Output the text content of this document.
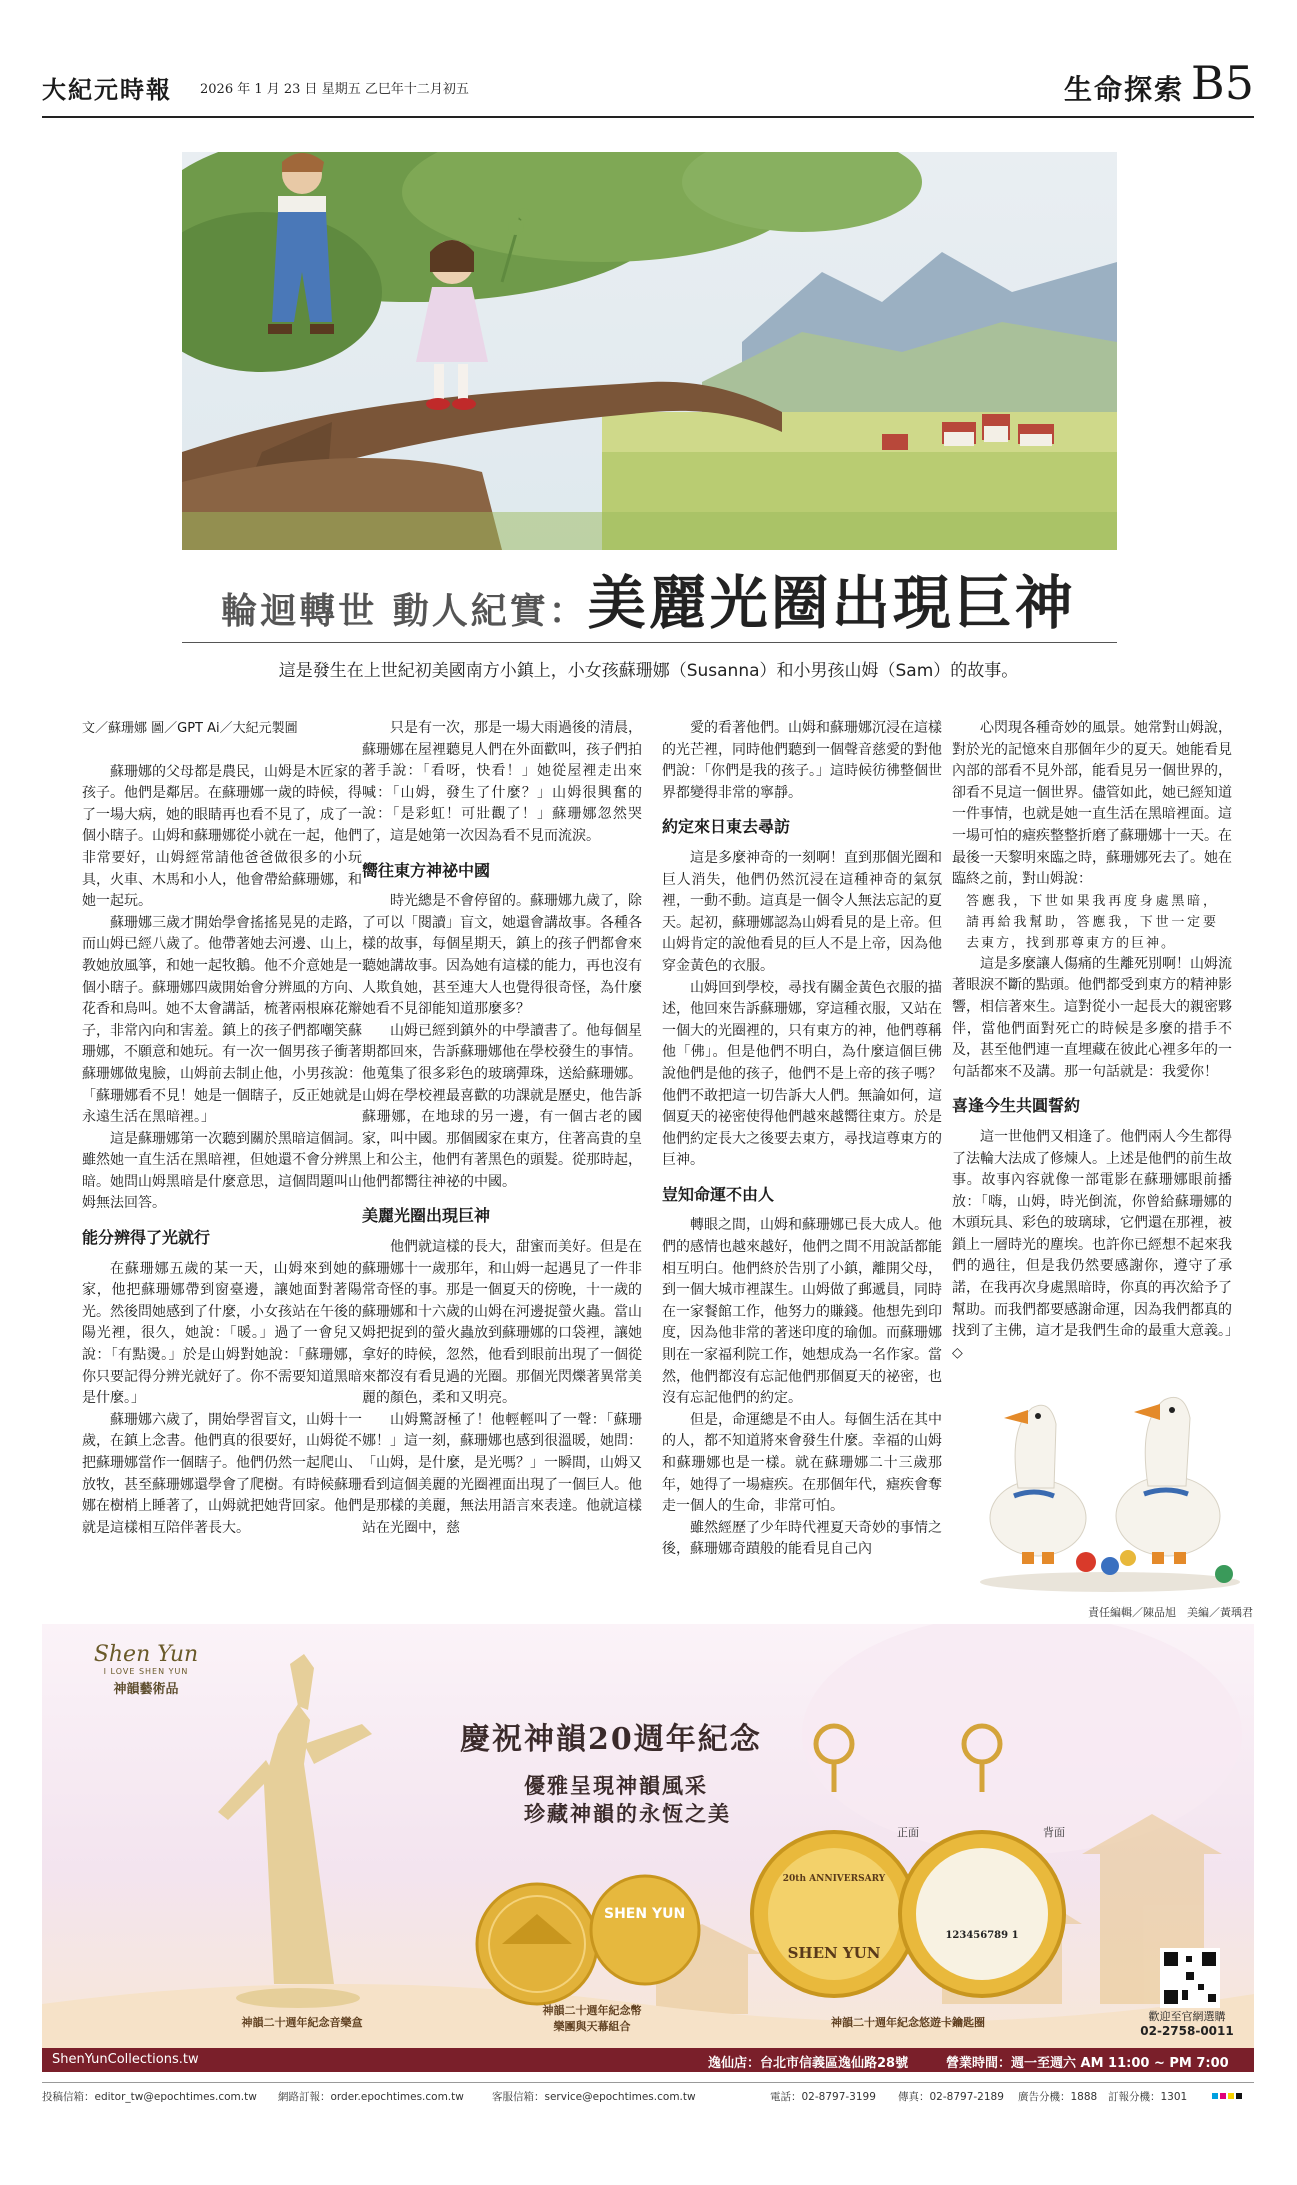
大紀元時報 2026 年 1 月 23 日 星期五 乙巳年十二月初五	生命探索 B5
輪迴轉世 動人紀實：美麗光圈出現巨神
這是發生在上世紀初美國南方小鎮上，小女孩蘇珊娜（Susanna）和小男孩山姆（Sam）的故事。

文／蘇珊娜 圖／GPT Ai／大紀元製圖

蘇珊娜的父母都是農民，山姆是木匠家的孩子。他們是鄰居。在蘇珊娜一歲的時候，得了一場大病，她的眼睛再也看不見了，成了一個小瞎子。山姆和蘇珊娜從小就在一起，他們非常要好，山姆經常請他爸爸做很多的小玩具，火車、木馬和小人，他會帶給蘇珊娜，和她一起玩。

蘇珊娜三歲才開始學會搖搖晃晃的走路，而山姆已經八歲了。他帶著她去河邊、山上，教她放風箏，和她一起牧鵝。他不介意她是一個小瞎子。蘇珊娜四歲開始會分辨風的方向、花香和鳥叫。她不太會講話，梳著兩根麻花辮子，非常內向和害羞。鎮上的孩子們都嘲笑蘇珊娜，不願意和她玩。有一次一個男孩子衝著蘇珊娜做鬼臉，山姆前去制止他，小男孩說：「蘇珊娜看不見！她是一個瞎子，反正她就是永遠生活在黑暗裡。」

這是蘇珊娜第一次聽到關於黑暗這個詞。雖然她一直生活在黑暗裡，但她還不會分辨黑暗。她問山姆黑暗是什麼意思，這個問題叫山姆無法回答。

能分辨得了光就行

在蘇珊娜五歲的某一天，山姆來到她的家，他把蘇珊娜帶到窗臺邊，讓她面對著陽光。然後問她感到了什麼，小女孩站在午後的陽光裡，很久，她說：「暖。」過了一會兒又說：「有點燙。」於是山姆對她說：「蘇珊娜，你只要記得分辨光就好了。你不需要知道黑暗是什麼。」

蘇珊娜六歲了，開始學習盲文，山姆十一歲，在鎮上念書。他們真的很要好，山姆從不把蘇珊娜當作一個瞎子。他們仍然一起爬山、放牧，甚至蘇珊娜還學會了爬樹。有時候蘇珊娜在樹梢上睡著了，山姆就把她背回家。他們就是這樣相互陪伴著長大。

只是有一次，那是一場大雨過後的清晨，蘇珊娜在屋裡聽見人們在外面歡叫，孩子們拍著手說：「看呀，快看！」她從屋裡走出來喊：「山姆，發生了什麼？」山姆很興奮的說：「是彩虹！可壯觀了！」蘇珊娜忽然哭了，這是她第一次因為看不見而流淚。

嚮往東方神祕中國

時光總是不會停留的。蘇珊娜九歲了，除了可以「閱讀」盲文，她還會講故事。各種各樣的故事，每個星期天，鎮上的孩子們都會來聽她講故事。因為她有這樣的能力，再也沒有人欺負她，甚至連大人也覺得很奇怪，為什麼她看不見卻能知道那麼多？

山姆已經到鎮外的中學讀書了。他每個星期都回來，告訴蘇珊娜他在學校發生的事情。他蒐集了很多彩色的玻璃彈珠，送給蘇珊娜。山姆在學校裡最喜歡的功課就是歷史，他告訴蘇珊娜，在地球的另一邊，有一個古老的國家，叫中國。那個國家在東方，住著高貴的皇上和公主，他們有著黑色的頭髮。從那時起，他們都嚮往神祕的中國。

美麗光圈出現巨神

他們就這樣的長大，甜蜜而美好。但是在蘇珊娜十一歲那年，和山姆一起遇見了一件非常奇怪的事。那是一個夏天的傍晚，十一歲的蘇珊娜和十六歲的山姆在河邊捉螢火蟲。當山姆把捉到的螢火蟲放到蘇珊娜的口袋裡，讓她拿好的時候，忽然，他看到眼前出現了一個從來都沒有看見過的光圈。那個光閃爍著異常美麗的顏色，柔和又明亮。

山姆驚訝極了！他輕輕叫了一聲：「蘇珊娜！」這一刻，蘇珊娜也感到很溫暖，她問：「山姆，是什麼，是光嗎？」一瞬間，山姆又看到這個美麗的光圈裡面出現了一個巨人。他是那樣的美麗，無法用語言來表達。他就這樣站在光圈中，慈

愛的看著他們。山姆和蘇珊娜沉浸在這樣的光芒裡，同時他們聽到一個聲音慈愛的對他們說：「你們是我的孩子。」這時候彷彿整個世界都變得非常的寧靜。

約定來日東去尋訪

這是多麼神奇的一刻啊！直到那個光圈和巨人消失，他們仍然沉浸在這種神奇的氣氛裡，一動不動。這真是一個令人無法忘記的夏天。起初，蘇珊娜認為山姆看見的是上帝。但山姆肯定的說他看見的巨人不是上帝，因為他穿金黃色的衣服。

山姆回到學校，尋找有關金黃色衣服的描述，他回來告訴蘇珊娜，穿這種衣服，又站在一個大的光圈裡的，只有東方的神，他們尊稱他「佛」。但是他們不明白，為什麼這個巨佛說他們是他的孩子，他們不是上帝的孩子嗎？他們不敢把這一切告訴大人們。無論如何，這個夏天的祕密使得他們越來越嚮往東方。於是他們約定長大之後要去東方，尋找這尊東方的巨神。

豈知命運不由人

轉眼之間，山姆和蘇珊娜已長大成人。他們的感情也越來越好，他們之間不用說話都能相互明白。他們終於告別了小鎮，離開父母，到一個大城市裡謀生。山姆做了郵遞員，同時在一家餐館工作，他努力的賺錢。他想先到印度，因為他非常的著迷印度的瑜伽。而蘇珊娜則在一家福利院工作，她想成為一名作家。當然，他們都沒有忘記他們那個夏天的祕密，也沒有忘記他們的約定。

但是，命運總是不由人。每個生活在其中的人，都不知道將來會發生什麼。幸福的山姆和蘇珊娜也是一樣。就在蘇珊娜二十三歲那年，她得了一場瘧疾。在那個年代，瘧疾會奪走一個人的生命，非常可怕。

雖然經歷了少年時代裡夏天奇妙的事情之後，蘇珊娜奇蹟般的能看見自己內

心閃現各種奇妙的風景。她常對山姆說，對於光的記憶來自那個年少的夏天。她能看見內部的部看不見外部，能看見另一個世界的，卻看不見這一個世界。儘管如此，她已經知道一件事情，也就是她一直生活在黑暗裡面。這一場可怕的瘧疾整整折磨了蘇珊娜十一天。在最後一天黎明來臨之時，蘇珊娜死去了。她在臨終之前，對山姆說：

答應我，下世如果我再度身處黑暗，請再給我幫助，答應我，下世一定要去東方，找到那尊東方的巨神。

這是多麼讓人傷痛的生離死別啊！山姆流著眼淚不斷的點頭。他們都受到東方的精神影響，相信著來生。這對從小一起長大的親密夥伴，當他們面對死亡的時候是多麼的措手不及，甚至他們連一直埋藏在彼此心裡多年的一句話都來不及講。那一句話就是：我愛你！

喜逢今生共圓誓約

這一世他們又相逢了。他們兩人今生都得了法輪大法成了修煉人。上述是他們的前生故事。故事內容就像一部電影在蘇珊娜眼前播放：「嗨，山姆，時光倒流，你曾給蘇珊娜的木頭玩具、彩色的玻璃球，它們還在那裡，被鎖上一層時光的塵埃。也許你已經想不起來我們的過往，但是我仍然要感謝你，遵守了承諾，在我再次身處黑暗時，你真的再次給予了幫助。而我們都要感謝命運，因為我們都真的找到了主佛，這才是我們生命的最重大意義。」◇

責任編輯／陳品旭　美編／黃瑀君
Shen Yun
I LOVE SHEN YUN
神韻藝術品
慶祝神韻20週年紀念
優雅呈現神韻風采
珍藏神韻的永恆之美
SHEN YUN
正面	背面
20th ANNIVERSARY
SHEN YUN
123456789 1
神韻二十週年紀念音樂盒
神韻二十週年紀念幣
樂團與天幕組合	神韻二十週年紀念悠遊卡鑰匙圈	歡迎至官網選購
02-2758-0011
ShenYunCollections.tw	逸仙店：台北市信義區逸仙路28號	營業時間：週一至週六 AM 11:00 ~ PM 7:00
投稿信箱：editor_tw@epochtimes.com.tw 網路訂報：order.epochtimes.com.tw	客服信箱：service@epochtimes.com.tw	電話：02-8797-3199 傳真：02-8797-2189 廣告分機：1888 訂報分機：1301
